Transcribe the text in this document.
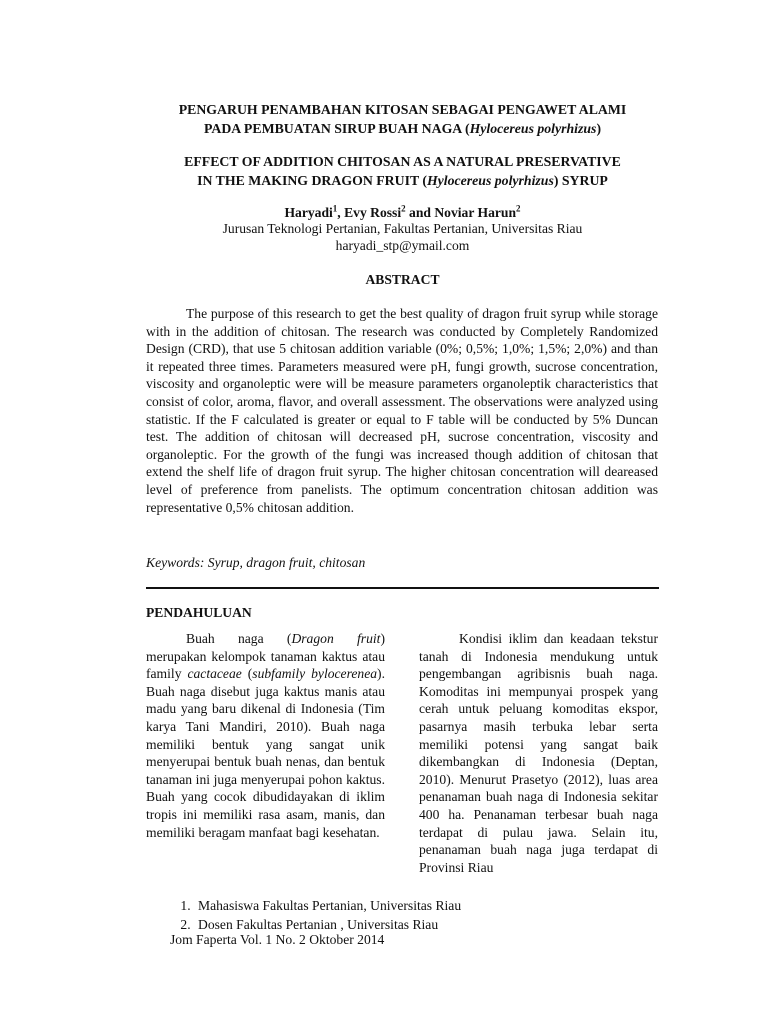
PENGARUH PENAMBAHAN KITOSAN SEBAGAI PENGAWET ALAMI
PADA PEMBUATAN SIRUP BUAH NAGA (Hylocereus polyrhizus)
EFFECT OF ADDITION CHITOSAN AS A NATURAL PRESERVATIVE
IN THE MAKING DRAGON FRUIT (Hylocereus polyrhizus) SYRUP
Haryadi$^1$, Evy Rossi$^2$ and Noviar Harun$^2$
Jurusan Teknologi Pertanian, Fakultas Pertanian, Universitas Riau
haryadi_stp@ymail.com
ABSTRACT

The purpose of this research to get the best quality of dragon fruit syrup while storage with in the addition of chitosan. The research was conducted by Completely Randomized Design (CRD), that use 5 chitosan addition variable (0%; 0,5%; 1,0%; 1,5%; 2,0%) and than it repeated three times. Parameters measured were pH, fungi growth, sucrose concentration, viscosity and organoleptic were will be measure parameters organoleptik characteristics that consist of color, aroma, flavor, and overall assessment. The observations were analyzed using statistic. If the F calculated is greater or equal to F table will be conducted by 5% Duncan test. The addition of chitosan will decreased pH, sucrose concentration, viscosity and organoleptic. For the growth of the fungi was increased though addition of chitosan that extend the shelf life of dragon fruit syrup. The higher chitosan concentration will deareased level of preference from panelists. The optimum concentration chitosan addition was representative 0,5% chitosan addition.

Keywords: Syrup, dragon fruit, chitosan
PENDAHULUAN

Buah naga (Dragon fruit) merupakan kelompok tanaman kaktus atau family cactaceae (subfamily bylocerenea). Buah naga disebut juga kaktus manis atau madu yang baru dikenal di Indonesia (Tim karya Tani Mandiri, 2010). Buah naga memiliki bentuk yang sangat unik menyerupai bentuk buah nenas, dan bentuk tanaman ini juga menyerupai pohon kaktus. Buah yang cocok dibudidayakan di iklim tropis ini memiliki rasa asam, manis, dan memiliki beragam manfaat bagi kesehatan.

Kondisi iklim dan keadaan tekstur tanah di Indonesia mendukung untuk pengembangan agribisnis buah naga. Komoditas ini mempunyai prospek yang cerah untuk peluang komoditas ekspor, pasarnya masih terbuka lebar serta memiliki potensi yang sangat baik dikembangkan di Indonesia (Deptan, 2010). Menurut Prasetyo (2012), luas area penanaman buah naga di Indonesia sekitar 400 ha. Penanaman terbesar buah naga terdapat di pulau jawa. Selain itu, penanaman buah naga juga terdapat di Provinsi Riau

1. Mahasiswa Fakultas Pertanian, Universitas Riau
2. Dosen Fakultas Pertanian , Universitas Riau
Jom Faperta Vol. 1 No. 2 Oktober 2014
